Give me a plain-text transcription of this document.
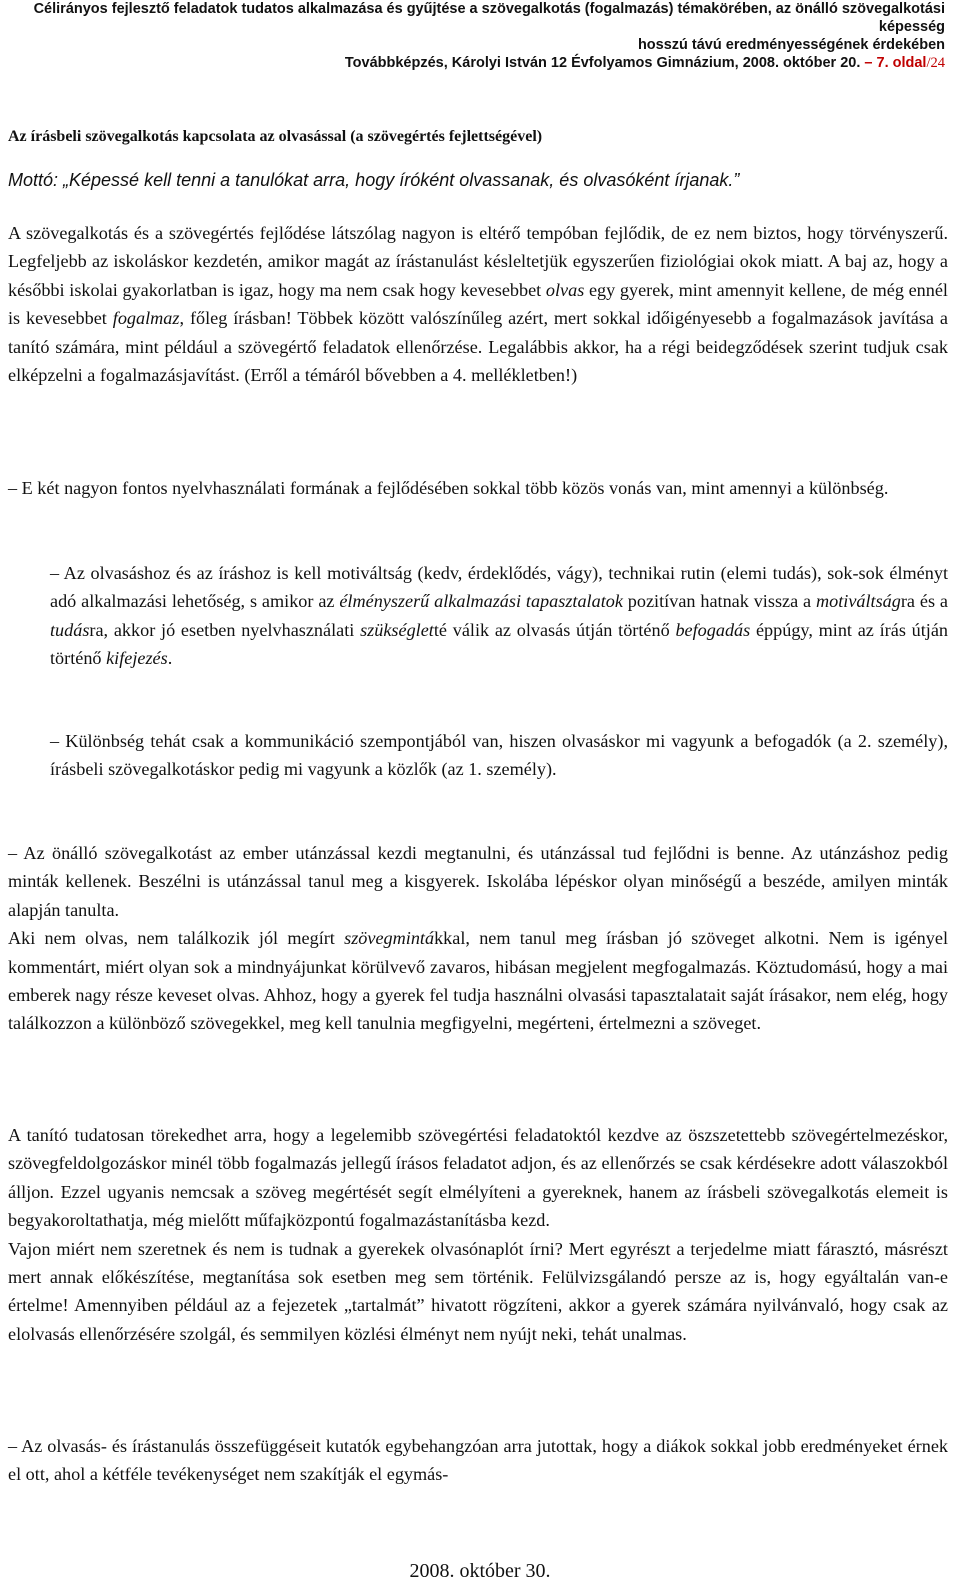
Célirányos fejlesztő feladatok tudatos alkalmazása és gyűjtése a szövegalkotás (fogalmazás) témakörében, az önálló szövegalkotási képesség
hosszú távú eredményességének érdekében
Továbbképzés, Károlyi István 12 Évfolyamos Gimnázium, 2008. október 20. – 7. oldal/24
Az írásbeli szövegalkotás kapcsolata az olvasással (a szövegértés fejlettségével)
Mottó: „Képessé kell tenni a tanulókat arra, hogy íróként olvassanak, és olvasóként írjanak.”

A szövegalkotás és a szövegértés fejlődése látszólag nagyon is eltérő tempóban fejlődik, de ez nem biztos, hogy törvényszerű. Legfeljebb az iskoláskor kezdetén, amikor magát az írástanulást késleltetjük egyszerűen fiziológiai okok miatt. A baj az, hogy a későbbi iskolai gyakorlatban is igaz, hogy ma nem csak hogy kevesebbet olvas egy gyerek, mint amennyit kellene, de még ennél is kevesebbet fogalmaz, főleg írásban! Többek között valószínűleg azért, mert sokkal időigényesebb a fogalmazások javítása a tanító számára, mint például a szövegértő feladatok ellenőrzése. Legalábbis akkor, ha a régi beidegződések szerint tudjuk csak elképzelni a fogalmazásjavítást. (Erről a témáról bővebben a 4. mellékletben!)

– E két nagyon fontos nyelvhasználati formának a fejlődésében sokkal több közös vonás van, mint amennyi a különbség.

– Az olvasáshoz és az íráshoz is kell motiváltság (kedv, érdeklődés, vágy), technikai rutin (elemi tudás), sok-sok élményt adó alkalmazási lehetőség, s amikor az élményszerű alkalmazási tapasztalatok pozitívan hatnak vissza a motiváltságra és a tudásra, akkor jó esetben nyelvhasználati szükségletté válik az olvasás útján történő befogadás éppúgy, mint az írás útján történő kifejezés.

– Különbség tehát csak a kommunikáció szempontjából van, hiszen olvasáskor mi vagyunk a befogadók (a 2. személy), írásbeli szövegalkotáskor pedig mi vagyunk a közlők (az 1. személy).

– Az önálló szövegalkotást az ember utánzással kezdi megtanulni, és utánzással tud fejlődni is benne. Az utánzáshoz pedig minták kellenek. Beszélni is utánzással tanul meg a kisgyerek. Iskolába lépéskor olyan minőségű a beszéde, amilyen minták alapján tanulta.

Aki nem olvas, nem találkozik jól megírt szövegmintákkal, nem tanul meg írásban jó szöveget alkotni. Nem is igényel kommentárt, miért olyan sok a mindnyájunkat körülvevő zavaros, hibásan megjelent megfogalmazás. Köztudomású, hogy a mai emberek nagy része keveset olvas. Ahhoz, hogy a gyerek fel tudja használni olvasási tapasztalatait saját írásakor, nem elég, hogy találkozzon a különböző szövegekkel, meg kell tanulnia megfigyelni, megérteni, értelmezni a szöveget.

A tanító tudatosan törekedhet arra, hogy a legelemibb szövegértési feladatoktól kezdve az öszszetettebb szövegértelmezéskor, szövegfeldolgozáskor minél több fogalmazás jellegű írásos feladatot adjon, és az ellenőrzés se csak kérdésekre adott válaszokból álljon. Ezzel ugyanis nemcsak a szöveg megértését segít elmélyíteni a gyereknek, hanem az írásbeli szövegalkotás elemeit is begyakoroltathatja, még mielőtt műfajközpontú fogalmazástanításba kezd.

Vajon miért nem szeretnek és nem is tudnak a gyerekek olvasónaplót írni? Mert egyrészt a terjedelme miatt fárasztó, másrészt mert annak előkészítése, megtanítása sok esetben meg sem történik. Felülvizsgálandó persze az is, hogy egyáltalán van-e értelme! Amennyiben például az a fejezetek „tartalmát” hivatott rögzíteni, akkor a gyerek számára nyilvánvaló, hogy csak az elolvasás ellenőrzésére szolgál, és semmilyen közlési élményt nem nyújt neki, tehát unalmas.

– Az olvasás- és írástanulás összefüggéseit kutatók egybehangzóan arra jutottak, hogy a diákok sokkal jobb eredményeket érnek el ott, ahol a kétféle tevékenységet nem szakítják el egymás-

2008. október 30.
